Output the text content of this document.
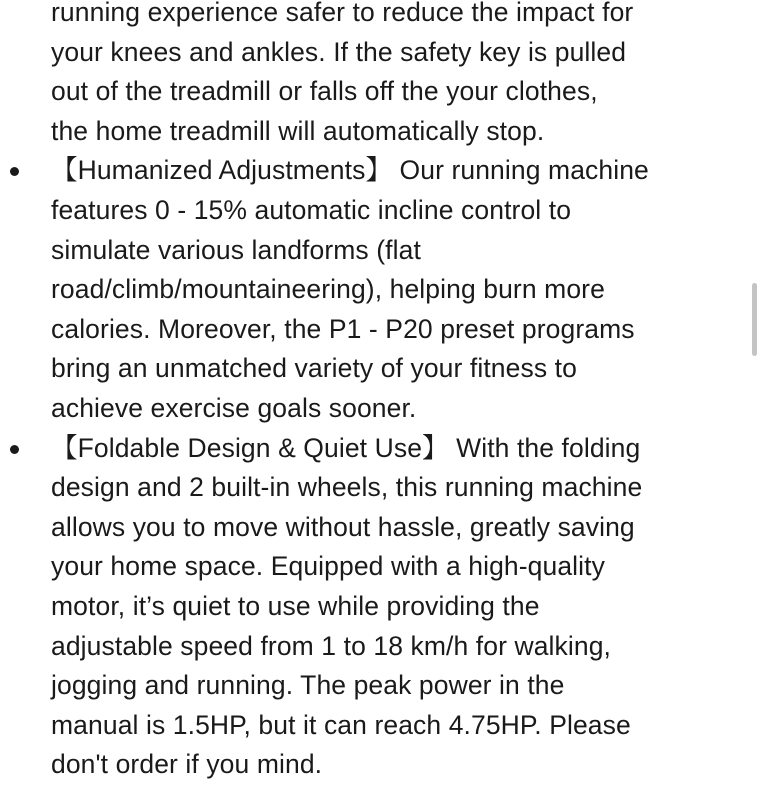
running experience safer to reduce the impact for
your knees and ankles. If the safety key is pulled
out of the treadmill or falls off the your clothes,
the home treadmill will automatically stop.

【Humanized Adjustments】 Our running machine
features 0 - 15% automatic incline control to
simulate various landforms (flat
road/climb/mountaineering), helping burn more
calories. Moreover, the P1 - P20 preset programs
bring an unmatched variety of your fitness to
achieve exercise goals sooner.
【Foldable Design & Quiet Use】 With the folding
design and 2 built-in wheels, this running machine
allows you to move without hassle, greatly saving
your home space. Equipped with a high-quality
motor, it’s quiet to use while providing the
adjustable speed from 1 to 18 km/h for walking,
jogging and running. The peak power in the
manual is 1.5HP, but it can reach 4.75HP. Please
don't order if you mind.
